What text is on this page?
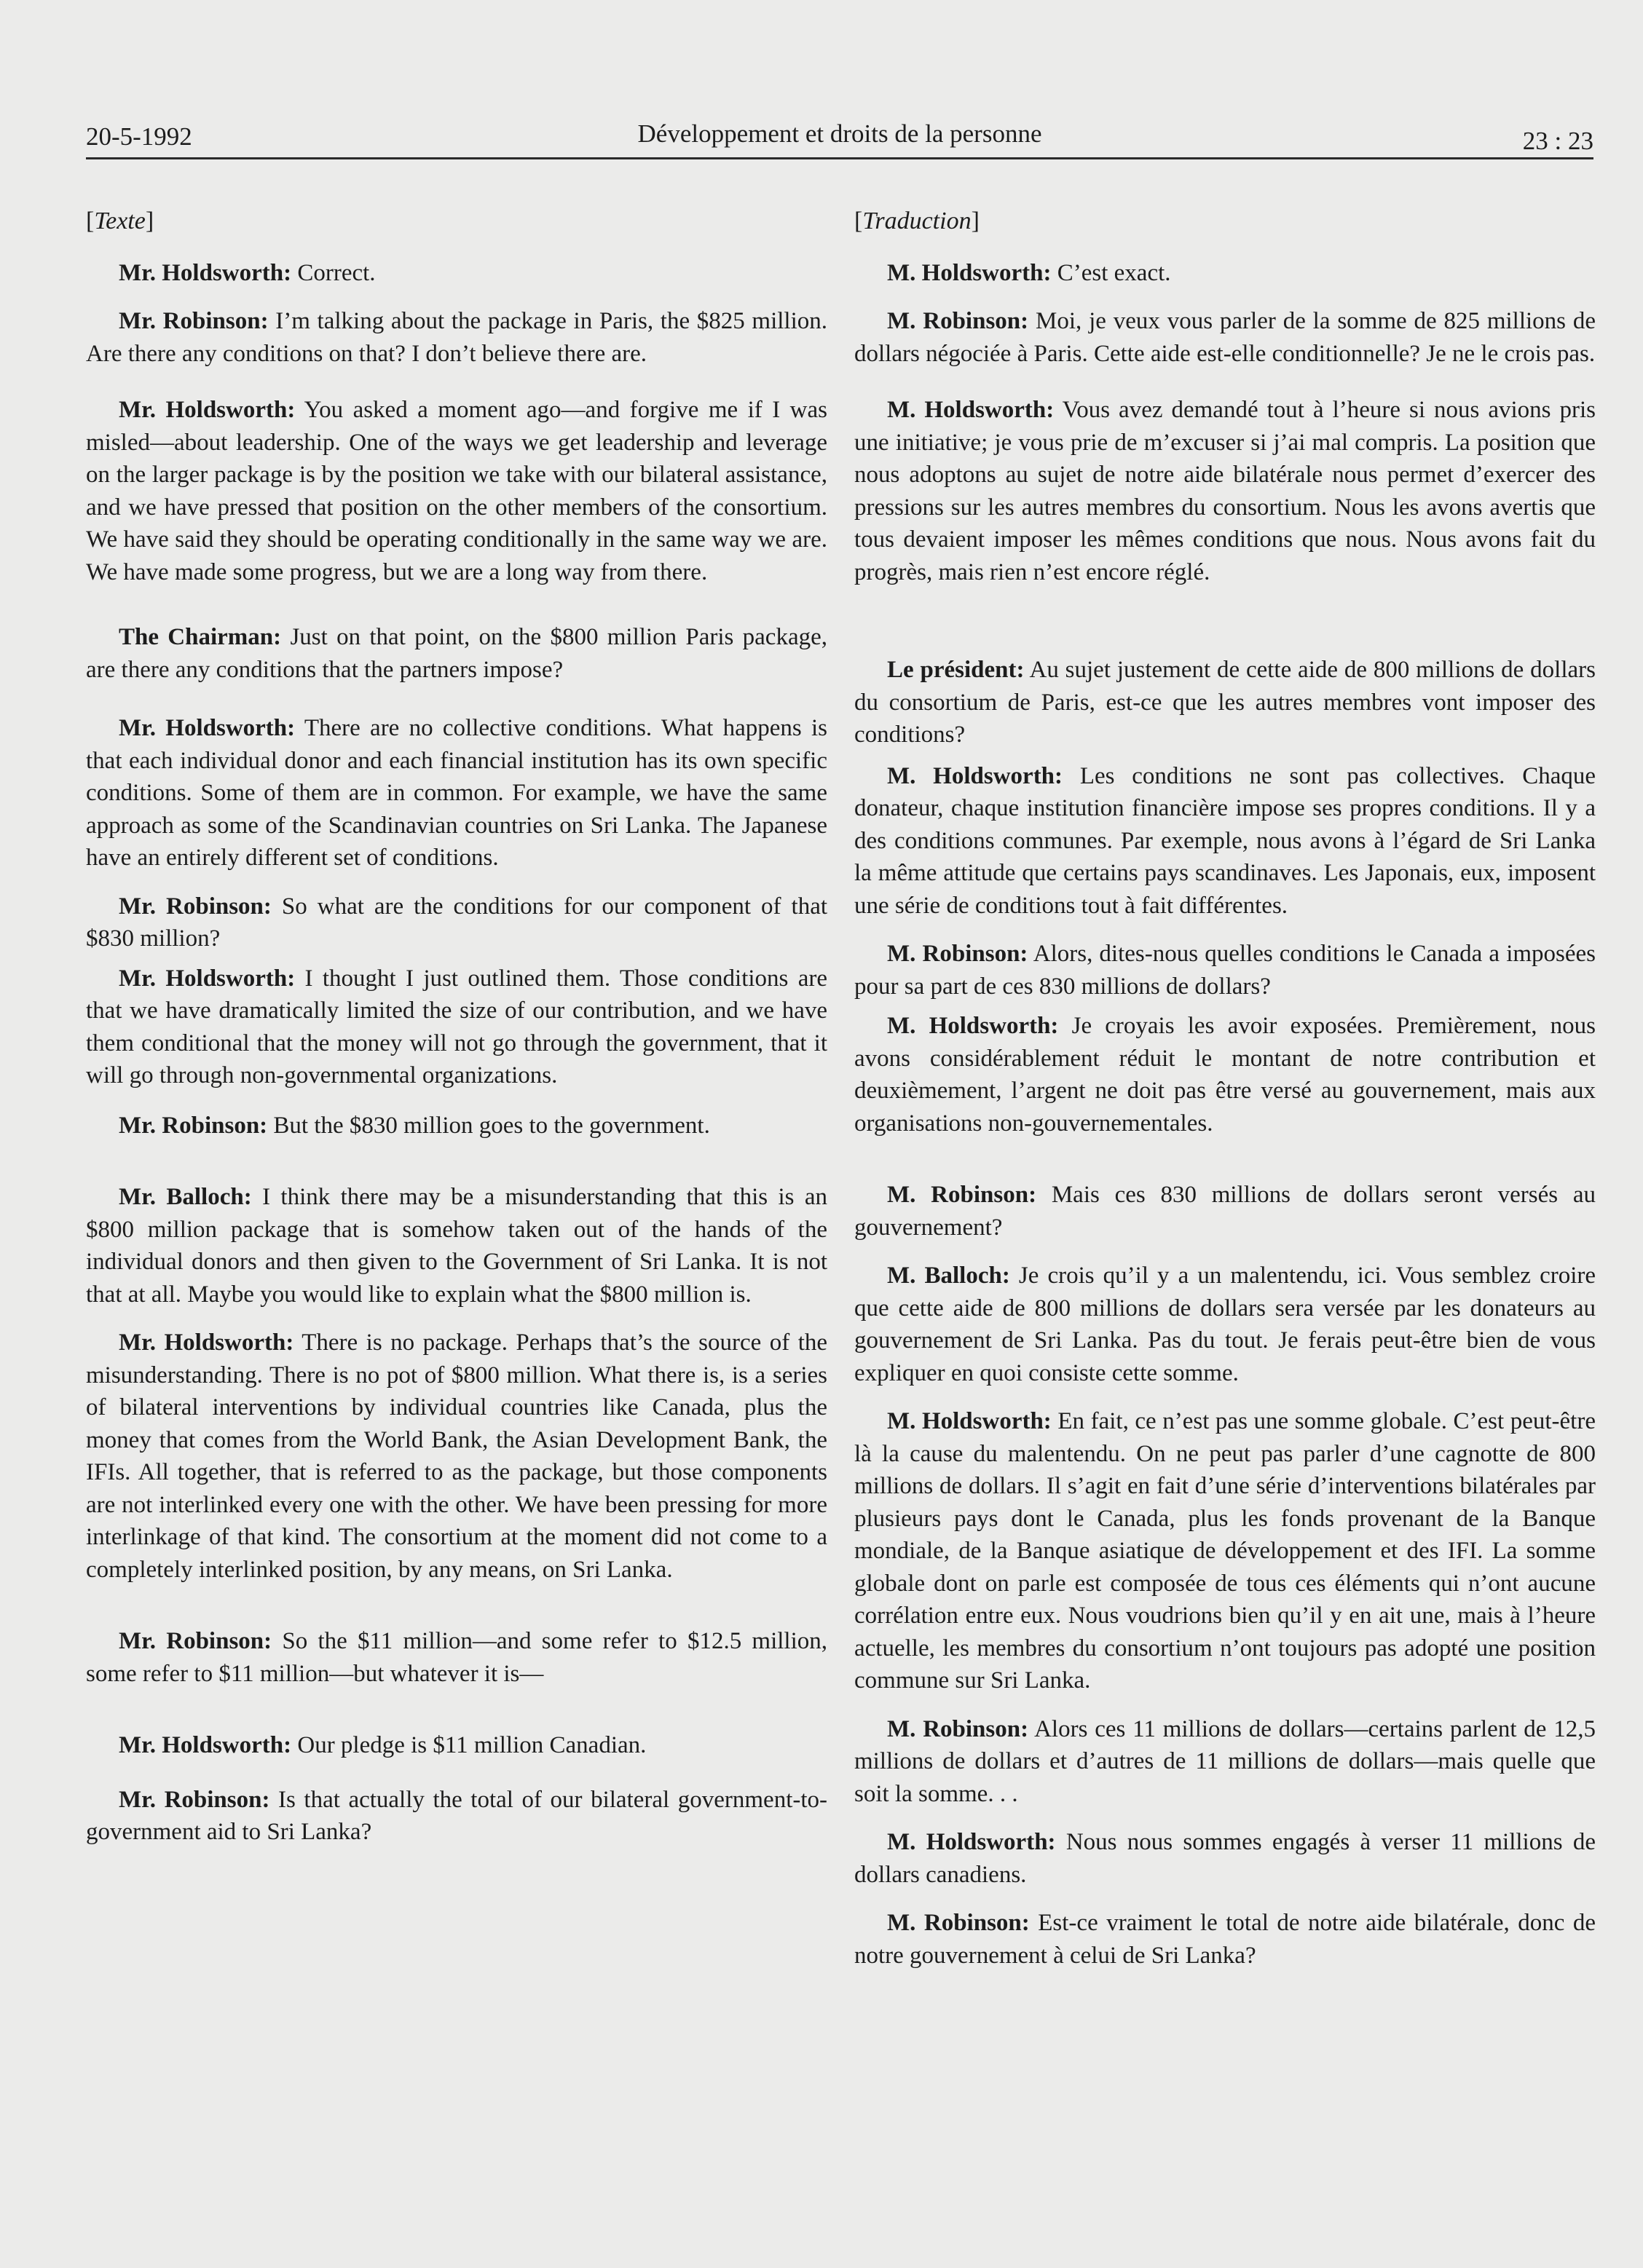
20-5-1992	Développement et droits de la personne	23 : 23
[Texte]

Mr. Holdsworth: Correct.

Mr. Robinson: I’m talking about the package in Paris, the $825 million. Are there any conditions on that? I don’t believe there are.

Mr. Holdsworth: You asked a moment ago—and forgive me if I was misled—about leadership. One of the ways we get leadership and leverage on the larger package is by the position we take with our bilateral assistance, and we have pressed that position on the other members of the consortium. We have said they should be operating conditionally in the same way we are. We have made some progress, but we are a long way from there.

The Chairman: Just on that point, on the $800 million Paris package, are there any conditions that the partners impose?

Mr. Holdsworth: There are no collective conditions. What happens is that each individual donor and each financial institution has its own specific conditions. Some of them are in common. For example, we have the same approach as some of the Scandinavian countries on Sri Lanka. The Japanese have an entirely different set of conditions.

Mr. Robinson: So what are the conditions for our component of that $830 million?

Mr. Holdsworth: I thought I just outlined them. Those conditions are that we have dramatically limited the size of our contribution, and we have them conditional that the money will not go through the government, that it will go through non-governmental organizations.

Mr. Robinson: But the $830 million goes to the government.

Mr. Balloch: I think there may be a misunderstanding that this is an $800 million package that is somehow taken out of the hands of the individual donors and then given to the Government of Sri Lanka. It is not that at all. Maybe you would like to explain what the $800 million is.

Mr. Holdsworth: There is no package. Perhaps that’s the source of the misunderstanding. There is no pot of $800 million. What there is, is a series of bilateral interventions by individual countries like Canada, plus the money that comes from the World Bank, the Asian Development Bank, the IFIs. All together, that is referred to as the package, but those components are not interlinked every one with the other. We have been pressing for more interlinkage of that kind. The consortium at the moment did not come to a completely interlinked position, by any means, on Sri Lanka.

Mr. Robinson: So the $11 million—and some refer to $12.5 million, some refer to $11 million—but whatever it is—

Mr. Holdsworth: Our pledge is $11 million Canadian.

Mr. Robinson: Is that actually the total of our bilateral government-to-government aid to Sri Lanka?

[Traduction]

M. Holdsworth: C’est exact.

M. Robinson: Moi, je veux vous parler de la somme de 825 millions de dollars négociée à Paris. Cette aide est-elle conditionnelle? Je ne le crois pas.

M. Holdsworth: Vous avez demandé tout à l’heure si nous avions pris une initiative; je vous prie de m’excuser si j’ai mal compris. La position que nous adoptons au sujet de notre aide bilatérale nous permet d’exercer des pressions sur les autres membres du consortium. Nous les avons avertis que tous devaient imposer les mêmes conditions que nous. Nous avons fait du progrès, mais rien n’est encore réglé.

Le président: Au sujet justement de cette aide de 800 millions de dollars du consortium de Paris, est-ce que les autres membres vont imposer des conditions?

M. Holdsworth: Les conditions ne sont pas collectives. Chaque donateur, chaque institution financière impose ses propres conditions. Il y a des conditions communes. Par exemple, nous avons à l’égard de Sri Lanka la même attitude que certains pays scandinaves. Les Japonais, eux, imposent une série de conditions tout à fait différentes.

M. Robinson: Alors, dites-nous quelles conditions le Canada a imposées pour sa part de ces 830 millions de dollars?

M. Holdsworth: Je croyais les avoir exposées. Premièrement, nous avons considérablement réduit le montant de notre contribution et deuxièmement, l’argent ne doit pas être versé au gouvernement, mais aux organisations non-gouvernementales.

M. Robinson: Mais ces 830 millions de dollars seront versés au gouvernement?

M. Balloch: Je crois qu’il y a un malentendu, ici. Vous semblez croire que cette aide de 800 millions de dollars sera versée par les donateurs au gouvernement de Sri Lanka. Pas du tout. Je ferais peut-être bien de vous expliquer en quoi consiste cette somme.

M. Holdsworth: En fait, ce n’est pas une somme globale. C’est peut-être là la cause du malentendu. On ne peut pas parler d’une cagnotte de 800 millions de dollars. Il s’agit en fait d’une série d’interventions bilatérales par plusieurs pays dont le Canada, plus les fonds provenant de la Banque mondiale, de la Banque asiatique de développement et des IFI. La somme globale dont on parle est composée de tous ces éléments qui n’ont aucune corrélation entre eux. Nous voudrions bien qu’il y en ait une, mais à l’heure actuelle, les membres du consortium n’ont toujours pas adopté une position commune sur Sri Lanka.

M. Robinson: Alors ces 11 millions de dollars—certains parlent de 12,5 millions de dollars et d’autres de 11 millions de dollars—mais quelle que soit la somme. . .

M. Holdsworth: Nous nous sommes engagés à verser 11 millions de dollars canadiens.

M. Robinson: Est-ce vraiment le total de notre aide bilatérale, donc de notre gouvernement à celui de Sri Lanka?
